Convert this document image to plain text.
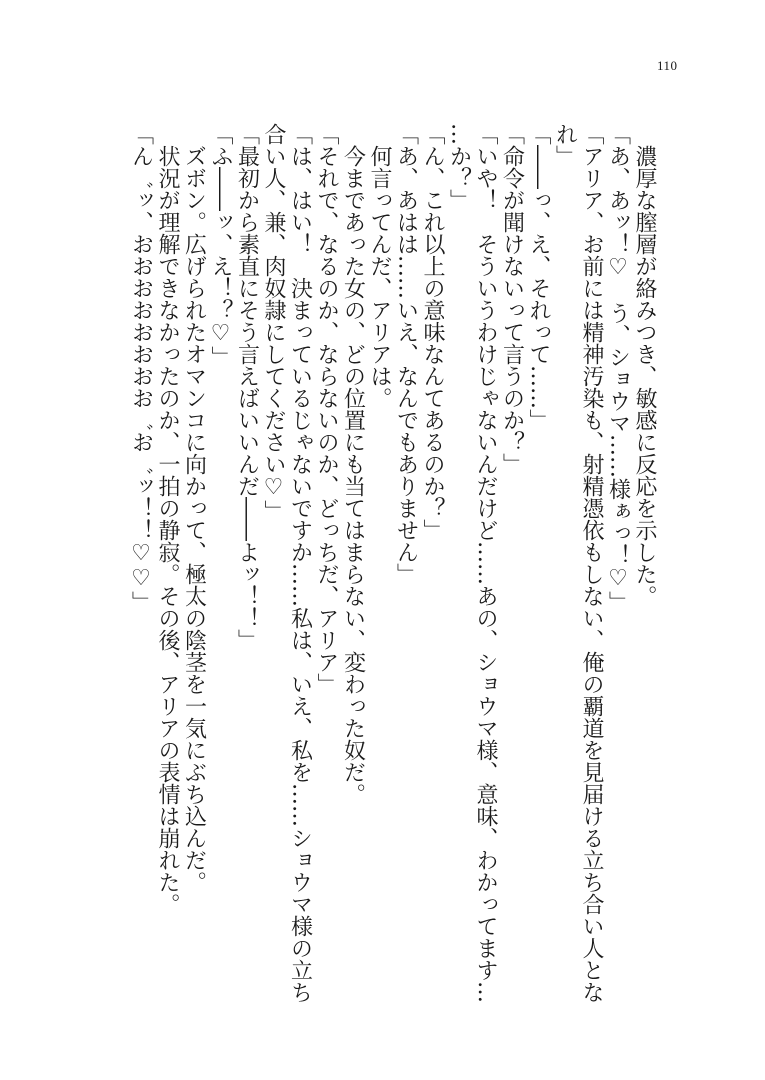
110
　濃厚な膣層が絡みつき、敏感に反応を示した。
「あ、あッ！♡　う、ショウマ……様ぁっ！♡」
「アリア、お前には精神汚染も、射精憑依もしない、俺の覇道を見届ける立ち合い人とな
れ」
「――っ、え、それって……」
「命令が聞けないって言うのか？」
「いや！　そういうわけじゃないんだけど……あの、ショウマ様、意味、わかってます…
…か？」
「ん、これ以上の意味なんてあるのか？」
「あ、あはは……いえ、なんでもありません」
　何言ってんだ、アリアは。
　今まであった女の、どの位置にも当てはまらない、変わった奴だ。
「それで、なるのか、ならないのか、どっちだ、アリア」
「は、はい！　決まっているじゃないですか……私は、いえ、私を……ショウマ様の立ち
合い人、兼、肉奴隷にしてください♡」
「最初から素直にそう言えばいいんだ――よッ！！」
「ふ――ッ、え！？♡」
　ズボン。広げられたオマンコに向かって、極太の陰茎を一気にぶち込んだ。
　状況が理解できなかったのか、一拍の静寂。その後、アリアの表情は崩れた。
「ん゛ッ、おおおおおおおお゛お゛ッ！！♡♡」
